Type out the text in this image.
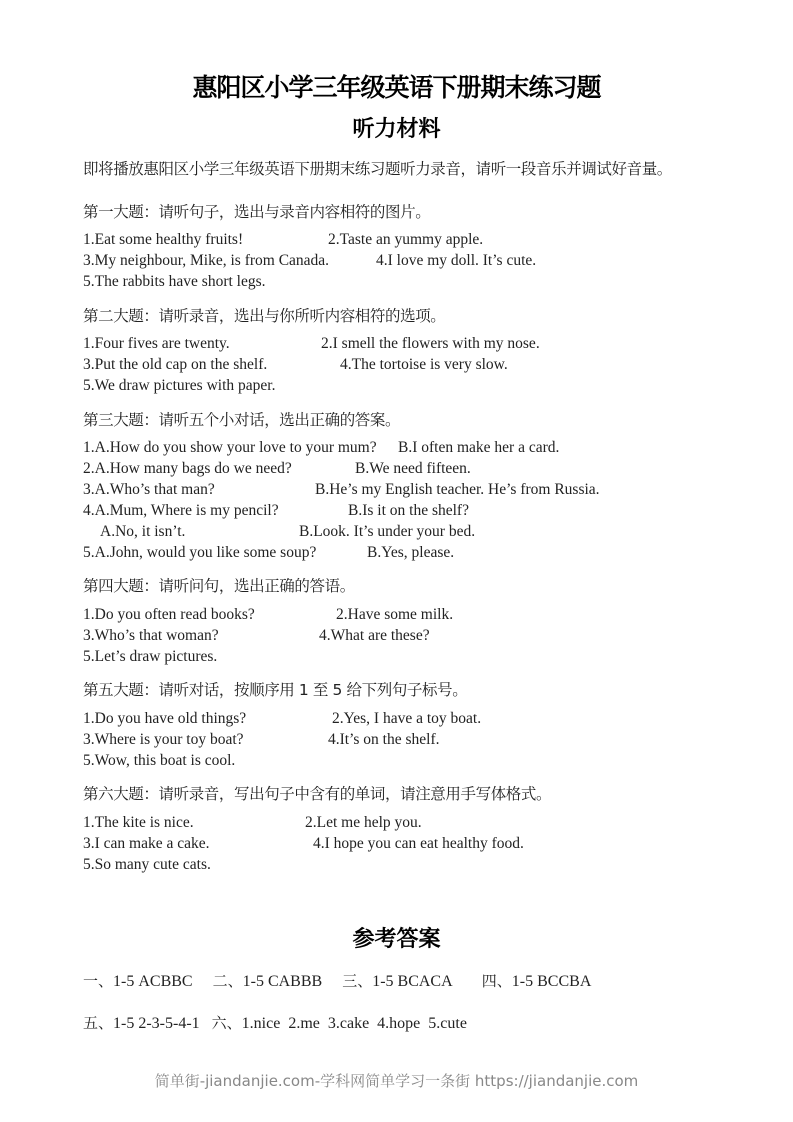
惠阳区小学三年级英语下册期末练习题
听力材料
即将播放惠阳区小学三年级英语下册期末练习题听力录音，请听一段音乐并调试好音量。
第一大题：请听句子，选出与录音内容相符的图片。
1.Eat some healthy fruits!	2.Taste an yummy apple.
3.My neighbour, Mike, is from Canada.	4.I love my doll. It’s cute.
5.The rabbits have short legs.
第二大题：请听录音，选出与你所听内容相符的选项。
1.Four fives are twenty.	2.I smell the flowers with my nose.
3.Put the old cap on the shelf.	4.The tortoise is very slow.
5.We draw pictures with paper.
第三大题：请听五个小对话，选出正确的答案。
1.A.How do you show your love to your mum? B.I often make her a card.
2.A.How many bags do we need?	B.We need fifteen.
3.A.Who’s that man?	B.He’s my English teacher. He’s from Russia.
4.A.Mum, Where is my pencil?	B.Is it on the shelf?
A.No, it isn’t.	B.Look. It’s under your bed.
5.A.John, would you like some soup?	B.Yes, please.
第四大题：请听问句，选出正确的答语。
1.Do you often read books?	2.Have some milk.
3.Who’s that woman?	4.What are these?
5.Let’s draw pictures.
第五大题：请听对话，按顺序用 1 至 5 给下列句子标号。
1.Do you have old things?	2.Yes, I have a toy boat.
3.Where is your toy boat?	4.It’s on the shelf.
5.Wow, this boat is cool.
第六大题：请听录音，写出句子中含有的单词，请注意用手写体格式。
1.The kite is nice.	2.Let me help you.
3.I can make a cake.	4.I hope you can eat healthy food.
5.So many cute cats.
参考答案
一、1-5 ACBBC 二、1-5 CABBB 三、1-5 BCACA 四、1-5 BCCBA
五、1-5 2-3-5-4-1 六、1.nice  2.me  3.cake  4.hope  5.cute
简单街-jiandanjie.com-学科网简单学习一条街 https://jiandanjie.com
